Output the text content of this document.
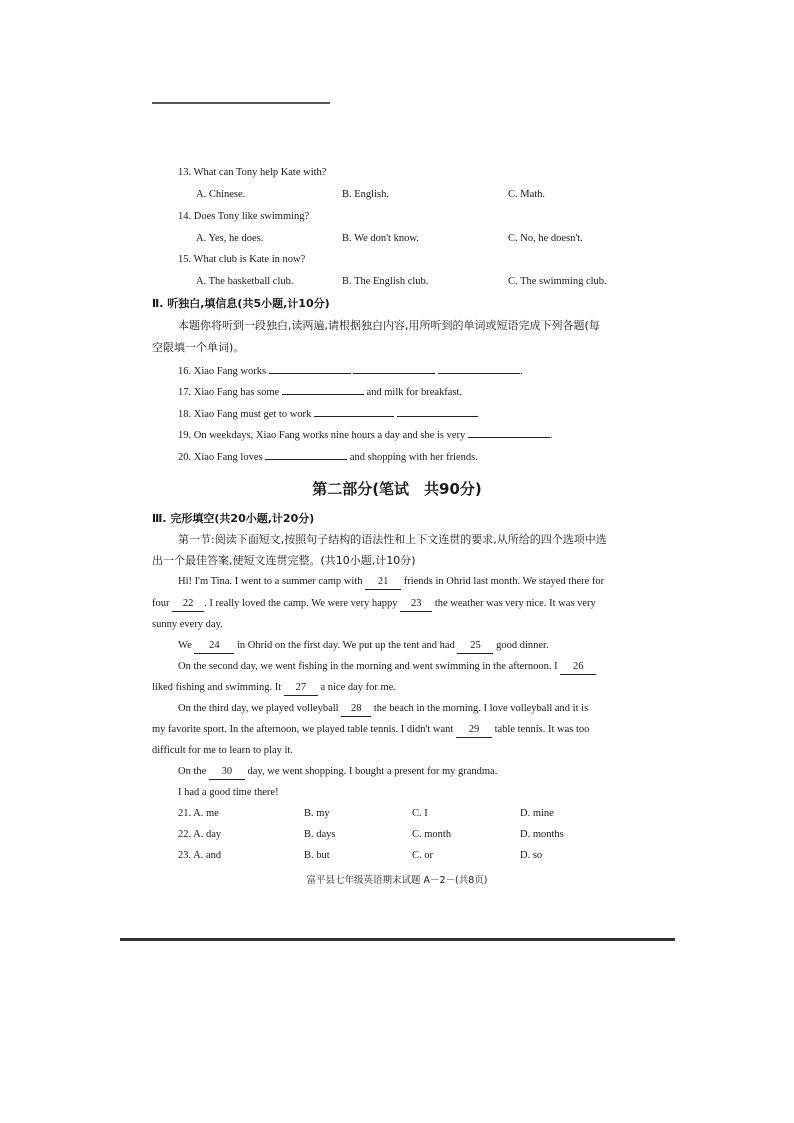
13. What can Tony help Kate with?
A. Chinese.	B. English.	C. Math.
14. Does Tony like swimming?
A. Yes, he does.	B. We don't know.	C. No, he doesn't.
15. What club is Kate in now?
A. The basketball club.	B. The English club.	C. The swimming club.
Ⅱ. 听独白,填信息(共5小题,计10分)
本题你将听到一段独白,读两遍,请根据独白内容,用所听到的单词或短语完成下列各题(每
空限填一个单词)。
16. Xiao Fang works	.
17. Xiao Fang has some	and milk for breakfast.
18. Xiao Fang must get to work	.
19. On weekdays, Xiao Fang works nine hours a day and she is very	.
20. Xiao Fang loves	and shopping with her friends.
第二部分(笔试　共90分)
Ⅲ. 完形填空(共20小题,计20分)
第一节:阅读下面短文,按照句子结构的语法性和上下文连贯的要求,从所给的四个选项中选
出一个最佳答案,使短文连贯完整。(共10小题,计10分)
Hi! I'm Tina. I went to a summer camp with 21 friends in Ohrid last month. We stayed there for
four 22 . I really loved the camp. We were very happy 23 the weather was very nice. It was very
sunny every day.
We 24 in Ohrid on the first day. We put up the tent and had 25 good dinner.
On the second day, we went fishing in the morning and went swimming in the afternoon. I 26
liked fishing and swimming. It 27 a nice day for me.
On the third day, we played volleyball 28 the beach in the morning. I love volleyball and it is
my favorite sport. In the afternoon, we played table tennis. I didn't want 29 table tennis. It was too
difficult for me to learn to play it.
On the 30 day, we went shopping. I bought a present for my grandma.
I had a good time there!
21. A. me	B. my	C. I	D. mine
22. A. day	B. days	C. month	D. months
23. A. and	B. but	C. or	D. so
富平县七年级英语期末试题 A－2－(共8页)
